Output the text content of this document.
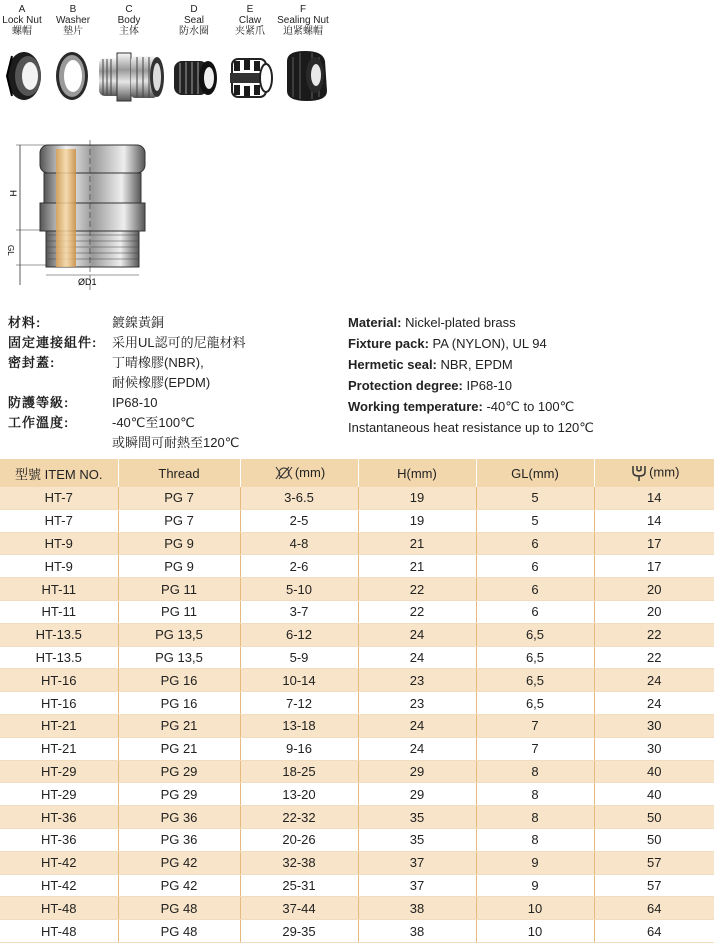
A
Lock Nut
螺帽
B
Washer
墊片
C
Body
主体
D
Seal
防水圈
E
Claw
夹紧爪
F
Sealing Nut
迫紧螺帽
H
GL
ØD1
材料:	鍍鎳黃銅
固定連接組件:	采用UL認可的尼龍材料
密封蓋:	丁晴橡膠(NBR),
耐候橡膠(EPDM)
防護等級:	IP68-10
工作溫度:	-40℃至100℃
或瞬間可耐熱至120℃
Material: Nickel-plated brass
Fixture pack: PA (NYLON), UL 94
Hermetic seal: NBR, EPDM
Protection degree: IP68-10
Working temperature: -40℃ to 100℃
Instantaneous heat resistance up to 120℃
型號 ITEM NO.	Thread	(mm)	H(mm)	GL(mm)	(mm)
HT-7	PG 7	3-6.5	19	5	14
HT-7	PG 7	2-5	19	5	14
HT-9	PG 9	4-8	21	6	17
HT-9	PG 9	2-6	21	6	17
HT-11	PG 11	5-10	22	6	20
HT-11	PG 11	3-7	22	6	20
HT-13.5	PG 13,5	6-12	24	6,5	22
HT-13.5	PG 13,5	5-9	24	6,5	22
HT-16	PG 16	10-14	23	6,5	24
HT-16	PG 16	7-12	23	6,5	24
HT-21	PG 21	13-18	24	7	30
HT-21	PG 21	9-16	24	7	30
HT-29	PG 29	18-25	29	8	40
HT-29	PG 29	13-20	29	8	40
HT-36	PG 36	22-32	35	8	50
HT-36	PG 36	20-26	35	8	50
HT-42	PG 42	32-38	37	9	57
HT-42	PG 42	25-31	37	9	57
HT-48	PG 48	37-44	38	10	64
HT-48	PG 48	29-35	38	10	64
